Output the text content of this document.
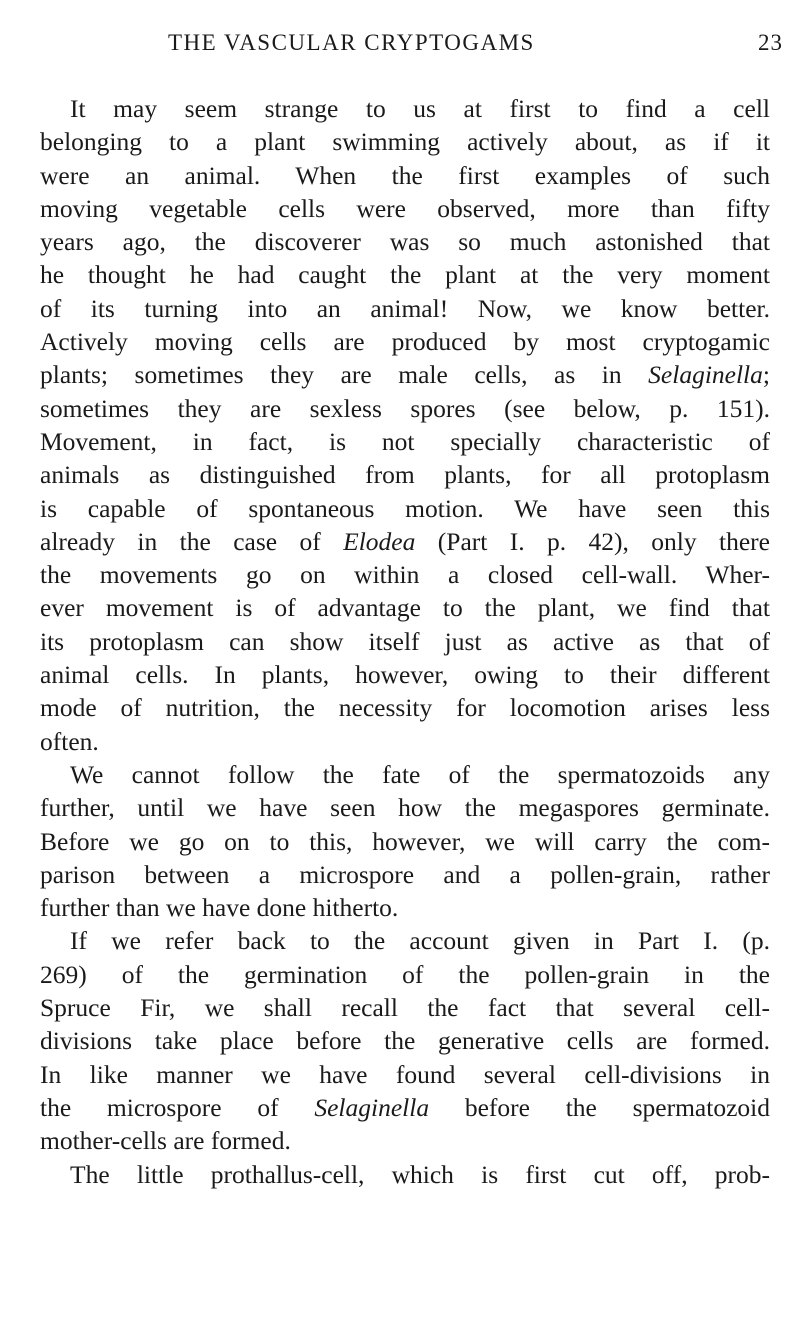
THE VASCULAR CRYPTOGAMS	23
It may seem strange to us at first to find a cell
belonging to a plant swimming actively about, as if it
were an animal. When the first examples of such
moving vegetable cells were observed, more than fifty
years ago, the discoverer was so much astonished that
he thought he had caught the plant at the very moment
of its turning into an animal! Now, we know better.
Actively moving cells are produced by most cryptogamic
plants; sometimes they are male cells, as in Selaginella;
sometimes they are sexless spores (see below, p. 151).
Movement, in fact, is not specially characteristic of
animals as distinguished from plants, for all protoplasm
is capable of spontaneous motion. We have seen this
already in the case of Elodea (Part I. p. 42), only there
the movements go on within a closed cell-wall. Wher-
ever movement is of advantage to the plant, we find that
its protoplasm can show itself just as active as that of
animal cells. In plants, however, owing to their different
mode of nutrition, the necessity for locomotion arises less
often.
We cannot follow the fate of the spermatozoids any
further, until we have seen how the megaspores germinate.
Before we go on to this, however, we will carry the com-
parison between a microspore and a pollen-grain, rather
further than we have done hitherto.
If we refer back to the account given in Part I. (p.
269) of the germination of the pollen-grain in the
Spruce Fir, we shall recall the fact that several cell-
divisions take place before the generative cells are formed.
In like manner we have found several cell-divisions in
the microspore of Selaginella before the spermatozoid
mother-cells are formed.
The little prothallus-cell, which is first cut off, prob-
